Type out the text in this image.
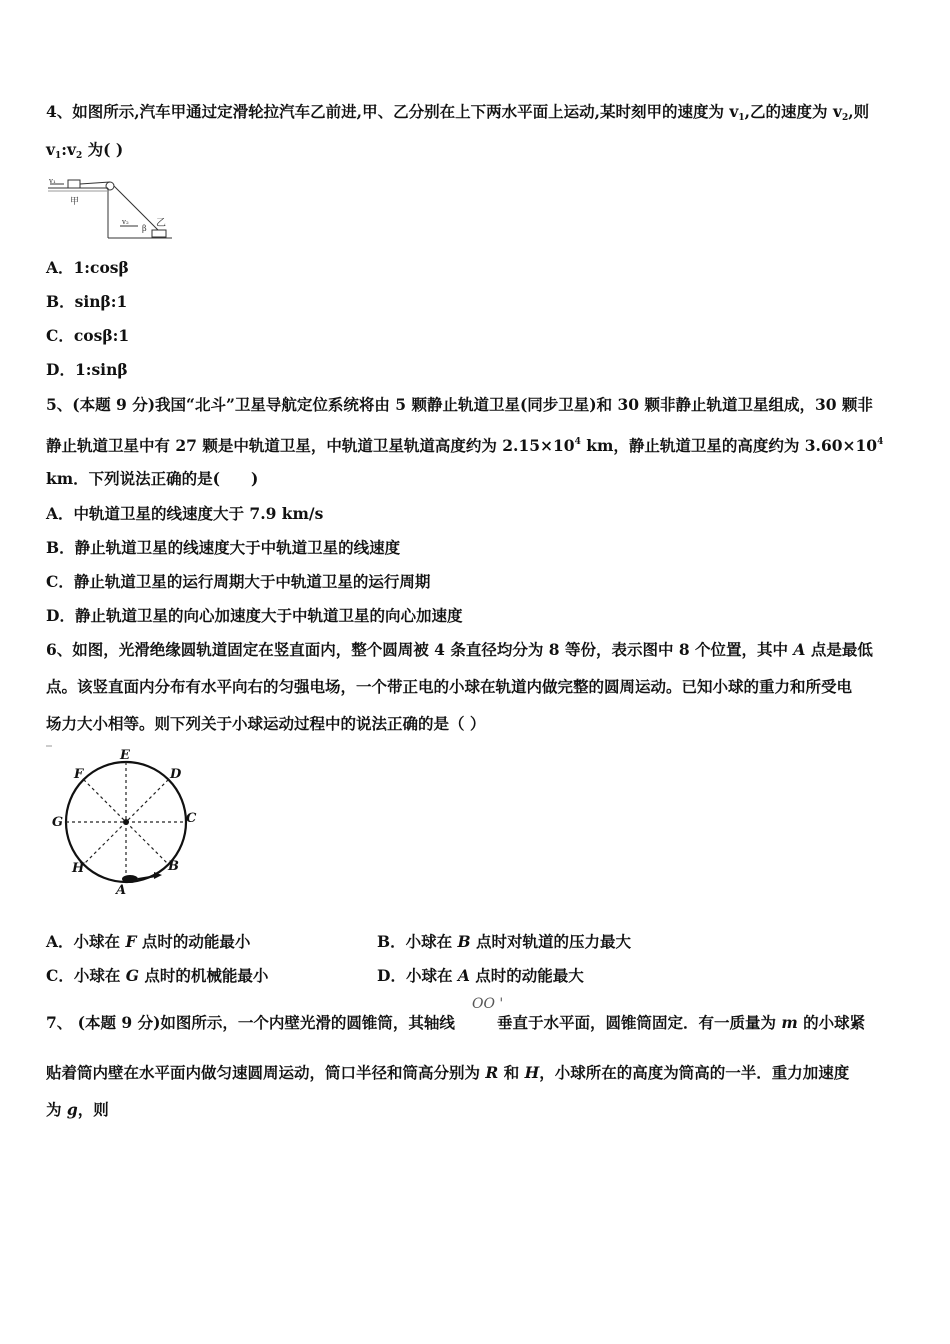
4、如图所示,汽车甲通过定滑轮拉汽车乙前进,甲、乙分别在上下两水平面上运动,某时刻甲的速度为 $v_1$,乙的速度为 $v_2$,则
$v_1:v_2$ 为( )
v₁
甲
v₂
β 乙
A．1:cosβ
B．sinβ:1
C．cosβ:1
D．1:sinβ
5、(本题 9 分)我国“北斗”卫星导航定位系统将由 5 颗静止轨道卫星(同步卫星)和 30 颗非静止轨道卫星组成，30 颗非
静止轨道卫星中有 27 颗是中轨道卫星，中轨道卫星轨道高度约为 $2.15\times 10^4$ km，静止轨道卫星的高度约为 $3.60\times 10^4$
km．下列说法正确的是(　　)
A．中轨道卫星的线速度大于 7.9 km/s
B．静止轨道卫星的线速度大于中轨道卫星的线速度
C．静止轨道卫星的运行周期大于中轨道卫星的运行周期
D．静止轨道卫星的向心加速度大于中轨道卫星的向心加速度
6、如图，光滑绝缘圆轨道固定在竖直面内，整个圆周被 4 条直径均分为 8 等份，表示图中 8 个位置，其中 A 点是最低
点。该竖直面内分布有水平向右的匀强电场，一个带正电的小球在轨道内做完整的圆周运动。已知小球的重力和所受电
场力大小相等。则下列关于小球运动过程中的说法正确的是（ ）
E
D
F
G	C
H	B
A
A．小球在 F 点时的动能最小	B．小球在 B 点时对轨道的压力最大
C．小球在 G 点时的机械能最小	D．小球在 A 点时的动能最大
7、 (本题 9 分)如图所示，一个内壁光滑的圆锥筒，其轴线	垂直于水平面，圆锥筒固定．有一质量为 m 的小球紧
OO '
贴着筒内壁在水平面内做匀速圆周运动，筒口半径和筒高分别为 R 和 H，小球所在的高度为筒高的一半．重力加速度
为 g，则
